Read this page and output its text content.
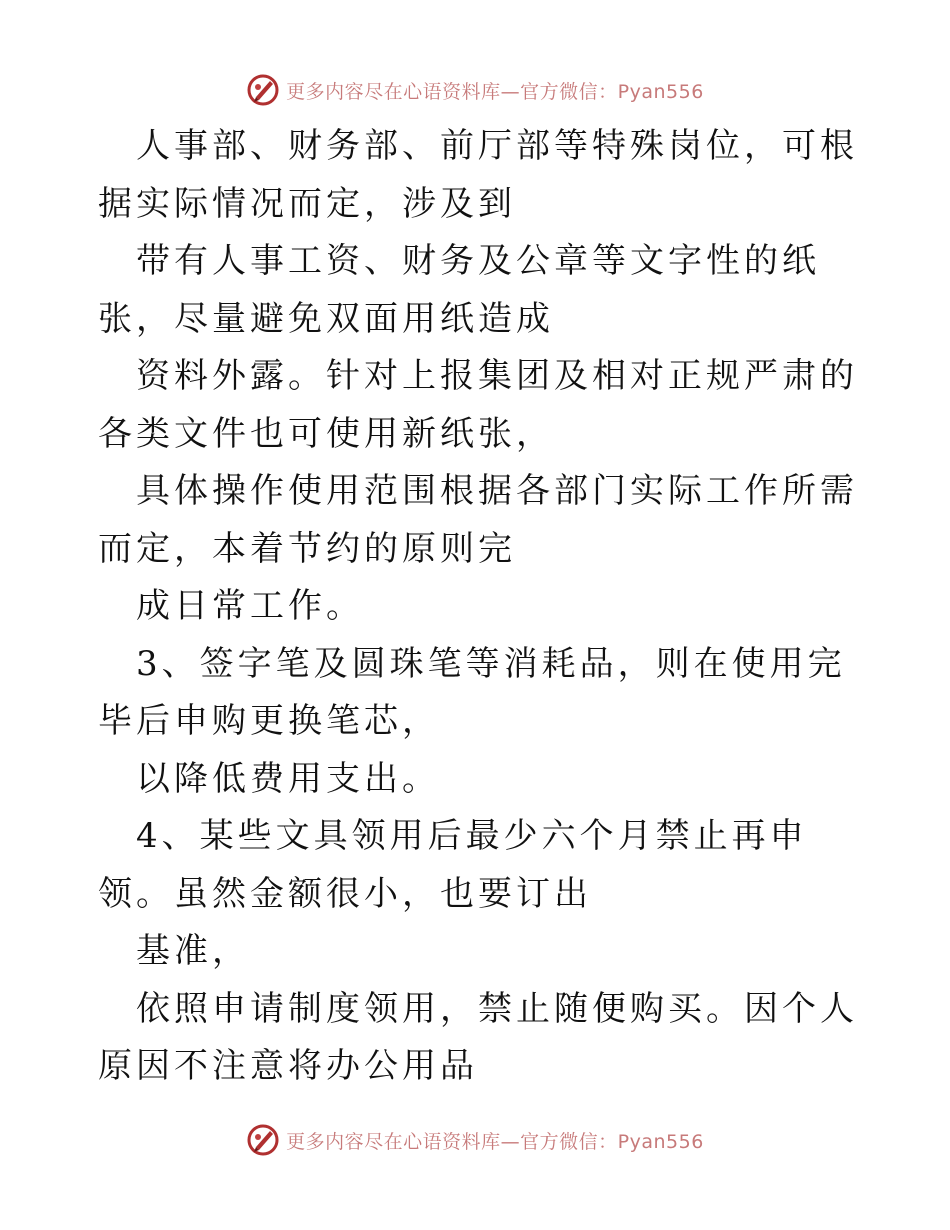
更多内容尽在心语资料库—官方微信：Pyan556

人事部、财务部、前厅部等特殊岗位，可根据实际情况而定，涉及到

带有人事工资、财务及公章等文字性的纸张，尽量避免双面用纸造成

资料外露。针对上报集团及相对正规严肃的各类文件也可使用新纸张，

具体操作使用范围根据各部门实际工作所需而定，本着节约的原则完

成日常工作。

3、签字笔及圆珠笔等消耗品，则在使用完毕后申购更换笔芯，

以降低费用支出。

4、某些文具领用后最少六个月禁止再申领。虽然金额很小，也要订出

基准，

依照申请制度领用，禁止随便购买。因个人原因不注意将办公用品

更多内容尽在心语资料库—官方微信：Pyan556
